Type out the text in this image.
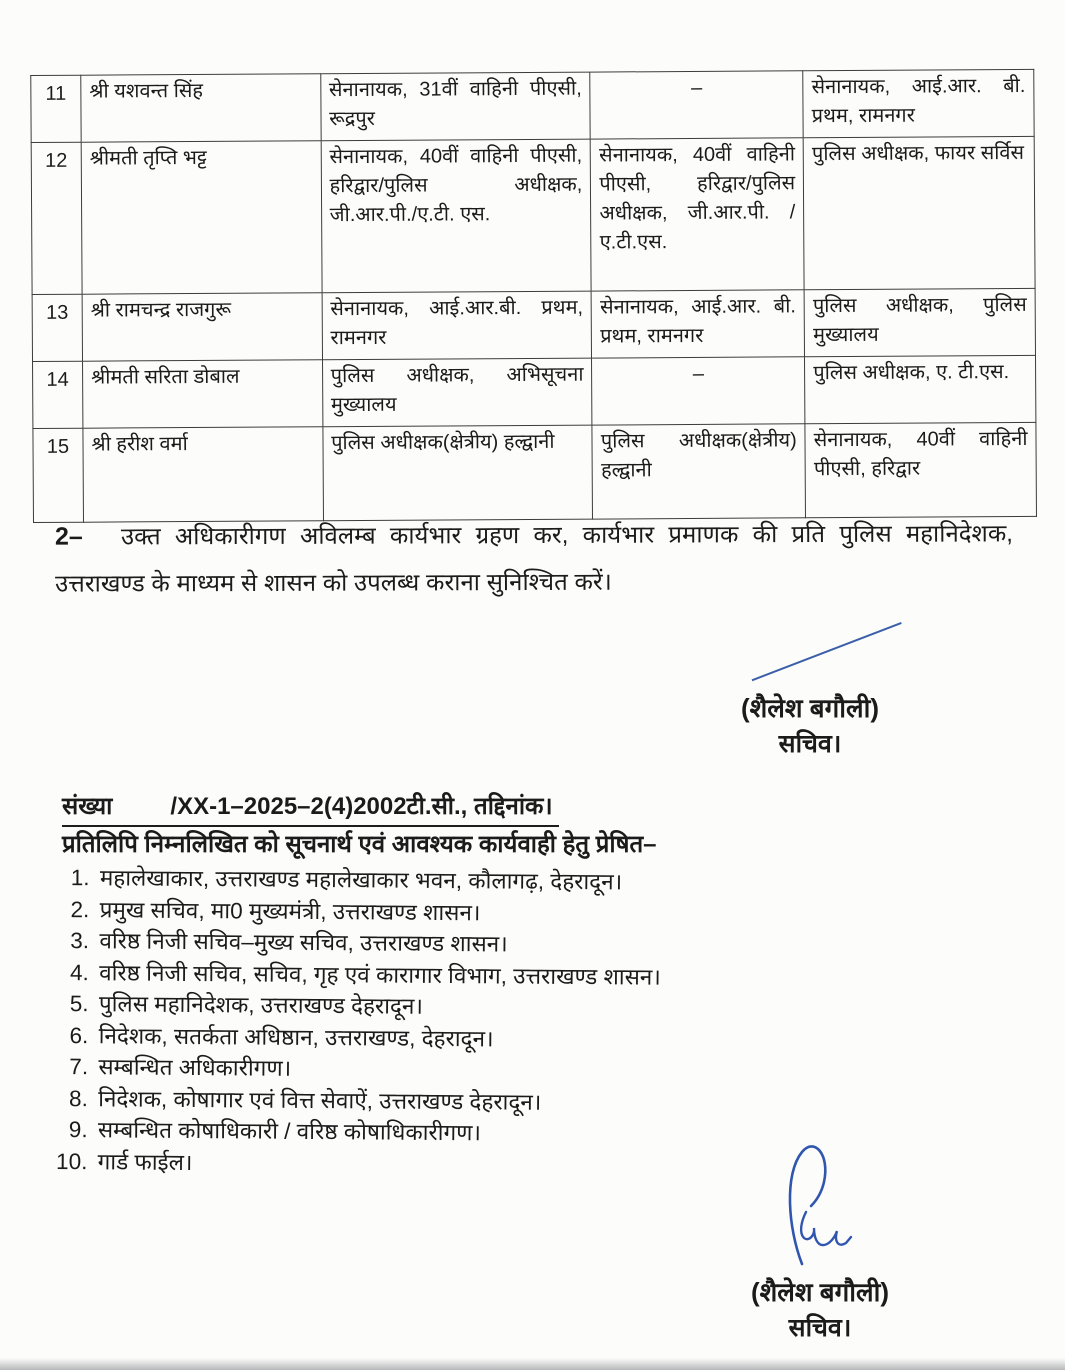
11	श्री यशवन्त सिंह	सेनानायक, 31वीं वाहिनी पीएसी, रूद्रपुर	–	सेनानायक, आई.आर. बी. प्रथम, रामनगर
12	श्रीमती तृप्ति भट्ट	सेनानायक, 40वीं वाहिनी पीएसी, हरिद्वार/पुलिस अधीक्षक, जी.आर.पी./ए.टी. एस.	सेनानायक, 40वीं वाहिनी पीएसी, हरिद्वार/पुलिस अधीक्षक, जी.आर.पी. /ए.टी.एस.	पुलिस अधीक्षक, फायर सर्विस
13	श्री रामचन्द्र राजगुरू	सेनानायक, आई.आर.बी. प्रथम, रामनगर	सेनानायक, आई.आर. बी. प्रथम, रामनगर	पुलिस अधीक्षक, पुलिस मुख्यालय
14	श्रीमती सरिता डोबाल	पुलिस अधीक्षक, अभिसूचना मुख्यालय	–	पुलिस अधीक्षक, ए. टी.एस.
15	श्री हरीश वर्मा	पुलिस अधीक्षक(क्षेत्रीय) हल्द्वानी	पुलिस अधीक्षक(क्षेत्रीय) हल्द्वानी	सेनानायक, 40वीं वाहिनी पीएसी, हरिद्वार
2– उक्त अधिकारीगण अविलम्ब कार्यभार ग्रहण कर, कार्यभार प्रमाणक की प्रति पुलिस महानिदेशक, उत्तराखण्ड के माध्यम से शासन को उपलब्ध कराना सुनिश्चित करें।
(शैलेश बगौली)
सचिव।
संख्या /XX-1–2025–2(4)2002टी.सी., तद्दिनांक।
प्रतिलिपि निम्नलिखित को सूचनार्थ एवं आवश्यक कार्यवाही हेतु प्रेषित–
1. महालेखाकार, उत्तराखण्ड महालेखाकार भवन, कौलागढ़, देहरादून।
2. प्रमुख सचिव, मा0 मुख्यमंत्री, उत्तराखण्ड शासन।
3. वरिष्ठ निजी सचिव–मुख्य सचिव, उत्तराखण्ड शासन।
4. वरिष्ठ निजी सचिव, सचिव, गृह एवं कारागार विभाग, उत्तराखण्ड शासन।
5. पुलिस महानिदेशक, उत्तराखण्ड देहरादून।
6. निदेशक, सतर्कता अधिष्ठान, उत्तराखण्ड, देहरादून।
7. सम्बन्धित अधिकारीगण।
8. निदेशक, कोषागार एवं वित्त सेवाऐं, उत्तराखण्ड देहरादून।
9. सम्बन्धित कोषाधिकारी / वरिष्ठ कोषाधिकारीगण।
10. गार्ड फाईल।
(शैलेश बगौली)
सचिव।
